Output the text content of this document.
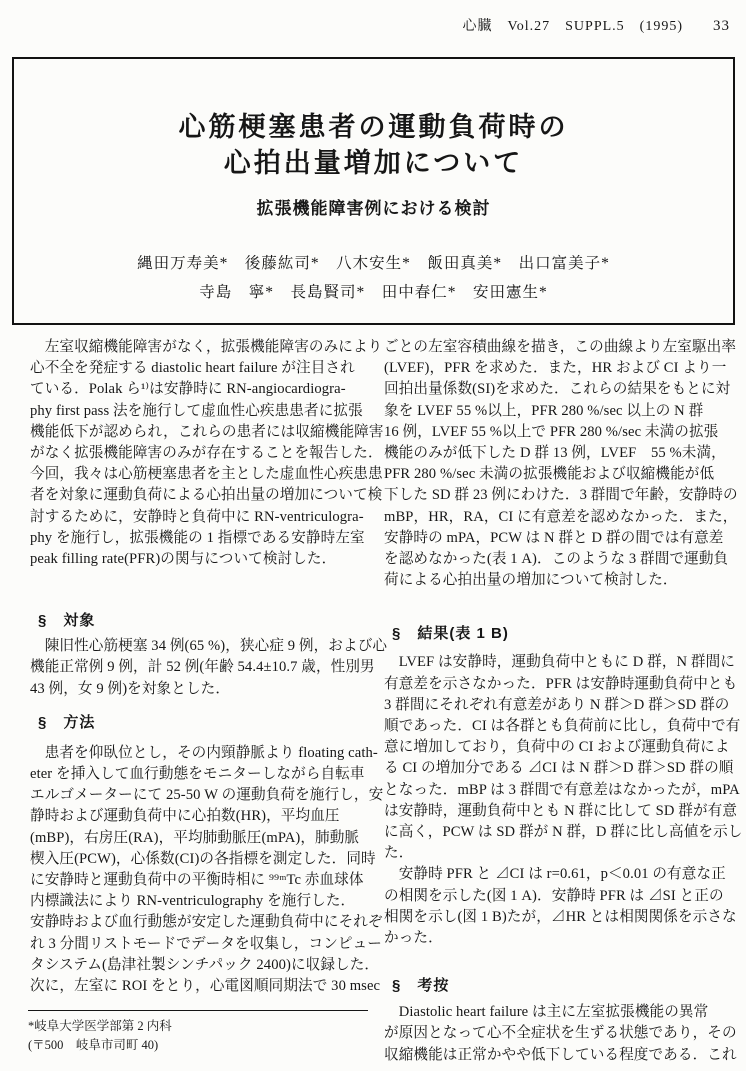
心臓　Vol.27　SUPPL.5　(1995) 33
心筋梗塞患者の運動負荷時の
心拍出量増加について
拡張機能障害例における検討
縄田万寿美*　後藤紘司*　八木安生*　飯田真美*　出口富美子*
寺島　寧*　長島賢司*　田中春仁*　安田憲生*
　左室収縮機能障害がなく，拡張機能障害のみにより
心不全を発症する diastolic heart failure が注目され
ている．Polak ら¹⁾は安静時に RN-angiocardiogra-
phy first pass 法を施行して虚血性心疾患患者に拡張
機能低下が認められ，これらの患者には収縮機能障害
がなく拡張機能障害のみが存在することを報告した．
今回，我々は心筋梗塞患者を主とした虚血性心疾患患
者を対象に運動負荷による心拍出量の増加について検
討するために，安静時と負荷中に RN-ventriculogra-
phy を施行し，拡張機能の 1 指標である安静時左室
peak filling rate(PFR)の関与について検討した．
§　対象
　陳旧性心筋梗塞 34 例(65 %)，狭心症 9 例，および心
機能正常例 9 例，計 52 例(年齢 54.4±10.7 歳，性別男
43 例，女 9 例)を対象とした．
§　方法
　患者を仰臥位とし，その内頸静脈より floating cath-
eter を挿入して血行動態をモニターしながら自転車
エルゴメーターにて 25-50 W の運動負荷を施行し，安
静時および運動負荷中に心拍数(HR)，平均血圧
(mBP)，右房圧(RA)，平均肺動脈圧(mPA)，肺動脈
楔入圧(PCW)，心係数(CI)の各指標を測定した．同時
に安静時と運動負荷中の平衡時相に ⁹⁹ᵐTc 赤血球体
内標識法により RN-ventriculography を施行した．
安静時および血行動態が安定した運動負荷中にそれぞ
れ 3 分間リストモードでデータを収集し，コンピュー
タシステム(島津社製シンチパック 2400)に収録した．
次に，左室に ROI をとり，心電図順同期法で 30 msec
ごとの左室容積曲線を描き，この曲線より左室駆出率
(LVEF)，PFR を求めた．また，HR および CI より一
回拍出量係数(SI)を求めた．これらの結果をもとに対
象を LVEF 55 %以上，PFR 280 %/sec 以上の N 群
16 例，LVEF 55 %以上で PFR 280 %/sec 未満の拡張
機能のみが低下した D 群 13 例，LVEF　55 %未満，
PFR 280 %/sec 未満の拡張機能および収縮機能が低
下した SD 群 23 例にわけた．3 群間で年齢，安静時の
mBP，HR，RA，CI に有意差を認めなかった．また，
安静時の mPA，PCW は N 群と D 群の間では有意差
を認めなかった(表 1 A)．このような 3 群間で運動負
荷による心拍出量の増加について検討した．
§　結果(表 1 B)
　LVEF は安静時，運動負荷中ともに D 群，N 群間に
有意差を示さなかった．PFR は安静時運動負荷中とも
3 群間にそれぞれ有意差があり N 群＞D 群＞SD 群の
順であった．CI は各群とも負荷前に比し，負荷中で有
意に増加しており，負荷中の CI および運動負荷によ
る CI の増加分である ⊿CI は N 群＞D 群＞SD 群の順
となった．mBP は 3 群間で有意差はなかったが，mPA
は安静時，運動負荷中とも N 群に比して SD 群が有意
に高く，PCW は SD 群が N 群，D 群に比し高値を示し
た．
　安静時 PFR と ⊿CI は r=0.61，p＜0.01 の有意な正
の相関を示した(図 1 A)．安静時 PFR は ⊿SI と正の
相関を示し(図 1 B)たが，⊿HR とは相関関係を示さな
かった．
§　考按
　Diastolic heart failure は主に左室拡張機能の異常
が原因となって心不全症状を生ずる状態であり，その
収縮機能は正常かやや低下している程度である．これ
*岐阜大学医学部第 2 内科
(〒500　岐阜市司町 40)
